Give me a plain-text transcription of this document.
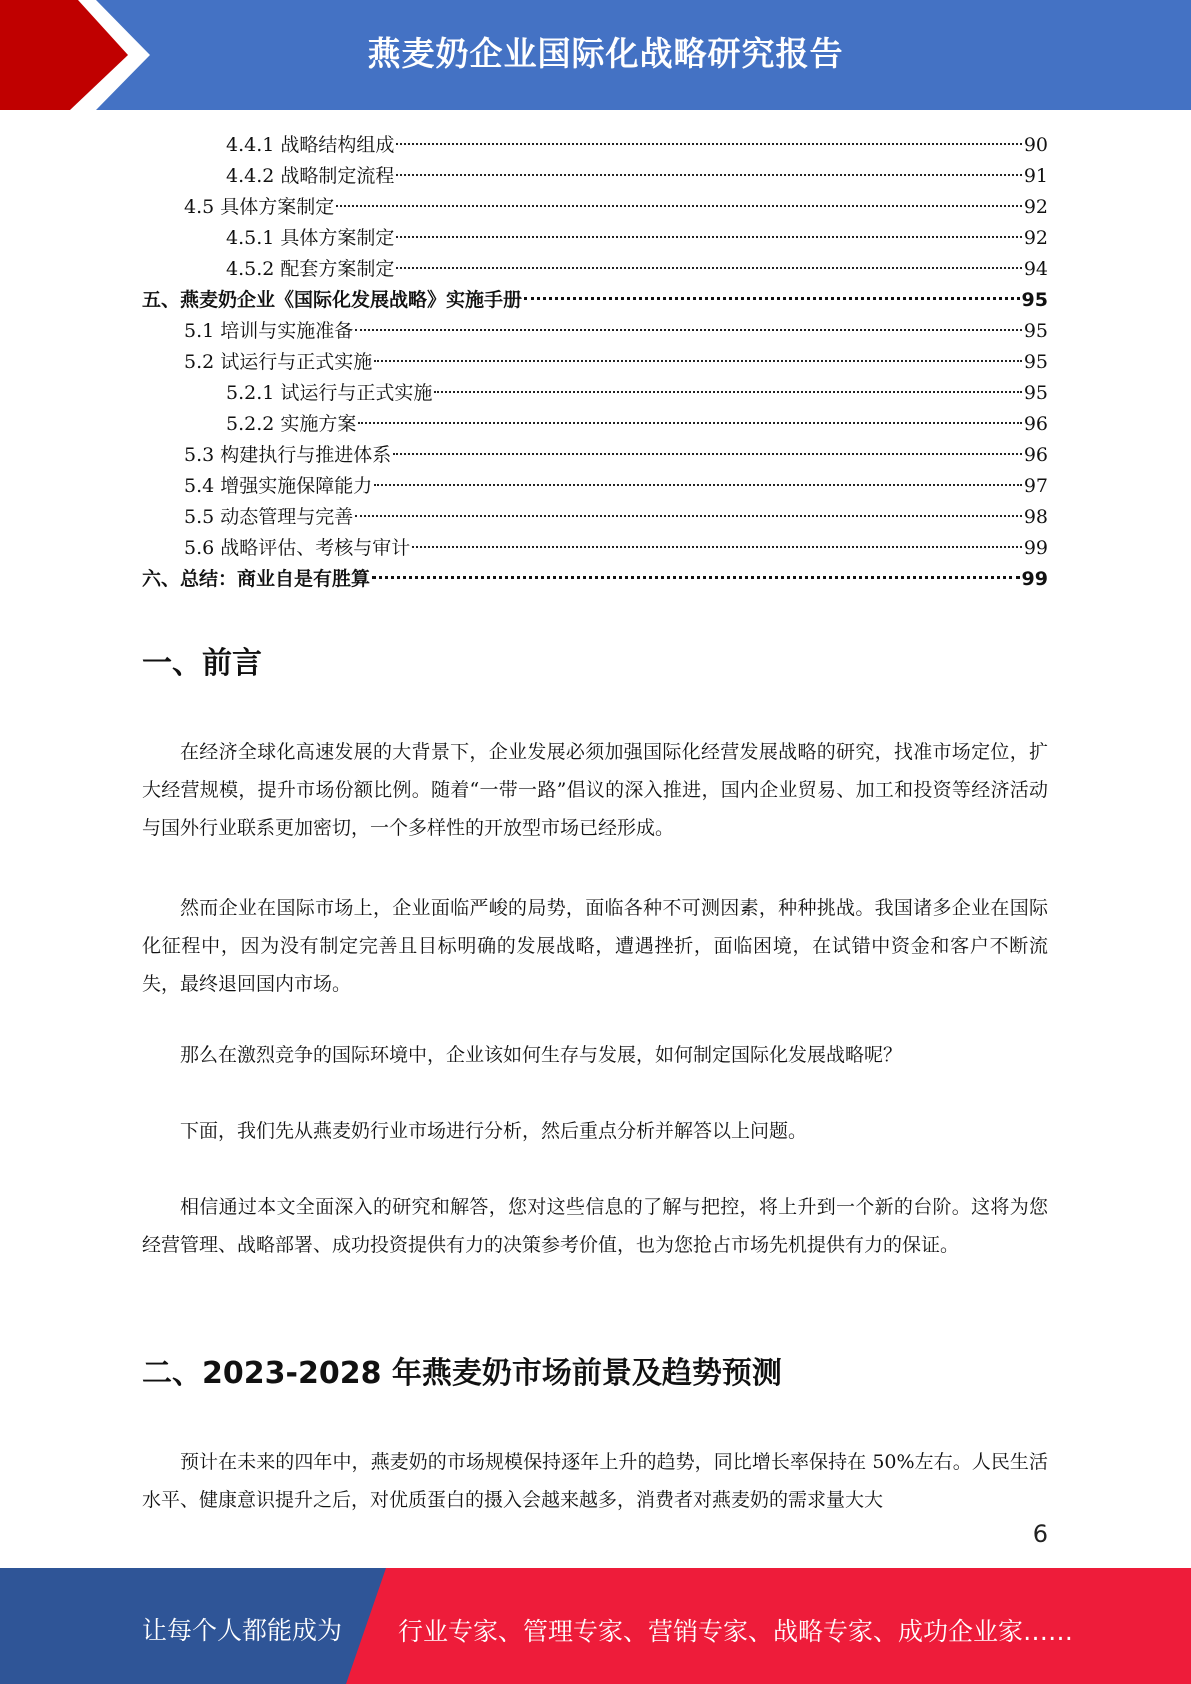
燕麦奶企业国际化战略研究报告
4.4.1 战略结构组成	90
4.4.2 战略制定流程	91
4.5 具体方案制定	92
4.5.1 具体方案制定	92
4.5.2 配套方案制定	94
五、燕麦奶企业《国际化发展战略》实施手册	95
5.1 培训与实施准备	95
5.2 试运行与正式实施	95
5.2.1 试运行与正式实施	95
5.2.2 实施方案	96
5.3 构建执行与推进体系	96
5.4 增强实施保障能力	97
5.5 动态管理与完善	98
5.6 战略评估、考核与审计	99
六、总结：商业自是有胜算	99
一、前言

在经济全球化高速发展的大背景下，企业发展必须加强国际化经营发展战略的研究，找准市场定位，扩大经营规模，提升市场份额比例。随着“一带一路”倡议的深入推进，国内企业贸易、加工和投资等经济活动与国外行业联系更加密切，一个多样性的开放型市场已经形成。

然而企业在国际市场上，企业面临严峻的局势，面临各种不可测因素，种种挑战。我国诸多企业在国际化征程中，因为没有制定完善且目标明确的发展战略，遭遇挫折，面临困境，在试错中资金和客户不断流失，最终退回国内市场。

那么在激烈竞争的国际环境中，企业该如何生存与发展，如何制定国际化发展战略呢？

下面，我们先从燕麦奶行业市场进行分析，然后重点分析并解答以上问题。

相信通过本文全面深入的研究和解答，您对这些信息的了解与把控，将上升到一个新的台阶。这将为您经营管理、战略部署、成功投资提供有力的决策参考价值，也为您抢占市场先机提供有力的保证。

二、2023-2028 年燕麦奶市场前景及趋势预测

预计在未来的四年中，燕麦奶的市场规模保持逐年上升的趋势，同比增长率保持在 50%左右。人民生活水平、健康意识提升之后，对优质蛋白的摄入会越来越多，消费者对燕麦奶的需求量大大

6
让每个人都能成为 行业专家、管理专家、营销专家、战略专家、成功企业家……
